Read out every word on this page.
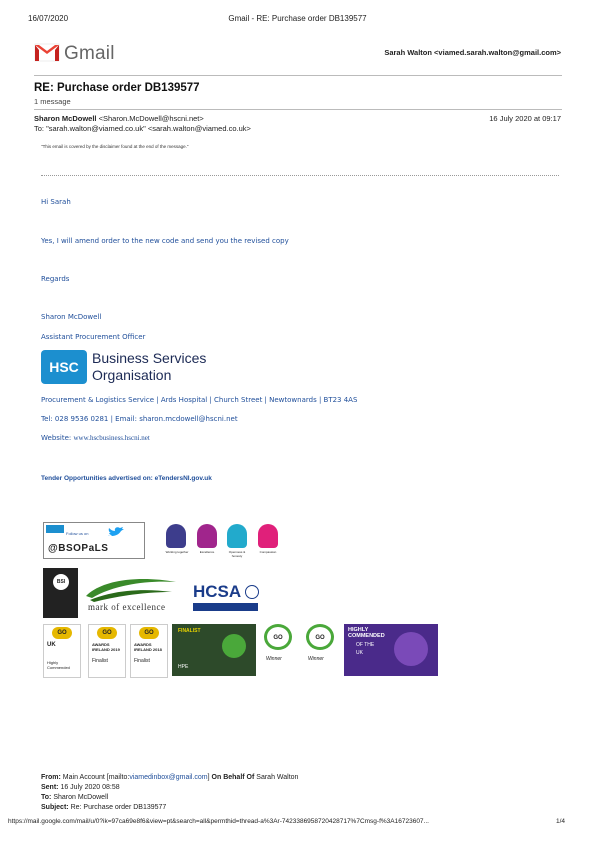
16/07/2020	Gmail - RE: Purchase order DB139577
Gmail	Sarah Walton <viamed.sarah.walton@gmail.com>
RE: Purchase order DB139577
1 message
Sharon McDowell <Sharon.McDowell@hscni.net>
To: "sarah.walton@viamed.co.uk" <sarah.walton@viamed.co.uk>
16 July 2020 at 09:17
"This email is covered by the disclaimer found at the end of the message."
Hi Sarah
Yes, I will amend order to the new code and send you the revised copy
Regards
Sharon McDowell
Assistant Procurement Officer
HSC
Business Services
Organisation
Procurement & Logistics Service | Ards Hospital | Church Street | Newtownards | BT23 4AS
Tel: 028 9536 0281 | Email: sharon.mcdowell@hscni.net
Website: www.hscbusiness.hscni.net
Tender Opportunities advertised on: eTendersNI.gov.uk
Follow us on
@BSOPaLS	Working together	Excellence	Openness & honesty
Compassion
BSI
mark of excellence
HCSA
GO
UK
Highly Commended
GO
AWARDS IRELAND 2019
Finalist
GO
AWARDS IRELAND 2018
Finalist
FINALIST
HPE
GO
Winner
GO
Winner
HIGHLY COMMENDED
OF THE
UK
From: Main Account [mailto:viamedinbox@gmail.com] On Behalf Of Sarah Walton
Sent: 16 July 2020 08:58
To: Sharon McDowell
Subject: Re: Purchase order DB139577
https://mail.google.com/mail/u/0?ik=97ca69e8f6&view=pt&search=all&permthid=thread-a%3Ar-7423386958720428717%7Cmsg-f%3A16723607...	1/4
